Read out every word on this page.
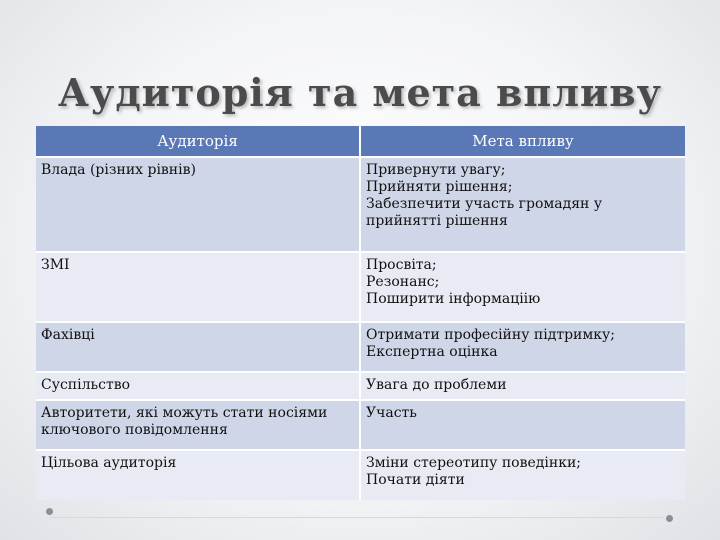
Аудиторія та мета впливу
Аудиторія	Мета впливу
Влада (різних рівнів)	Привернути увагу;
Прийняти рішення;
Забезпечити участь громадян у прийнятті рішення
ЗМІ	Просвіта;
Резонанс;
Поширити інформаціію
Фахівці	Отримати професійну підтримку;
Експертна оцінка
Суспільство	Увага до проблеми
Авторитети, які можуть стати носіями ключового повідомлення	Участь
Цільова аудиторія	Зміни стереотипу поведінки;
Почати діяти
